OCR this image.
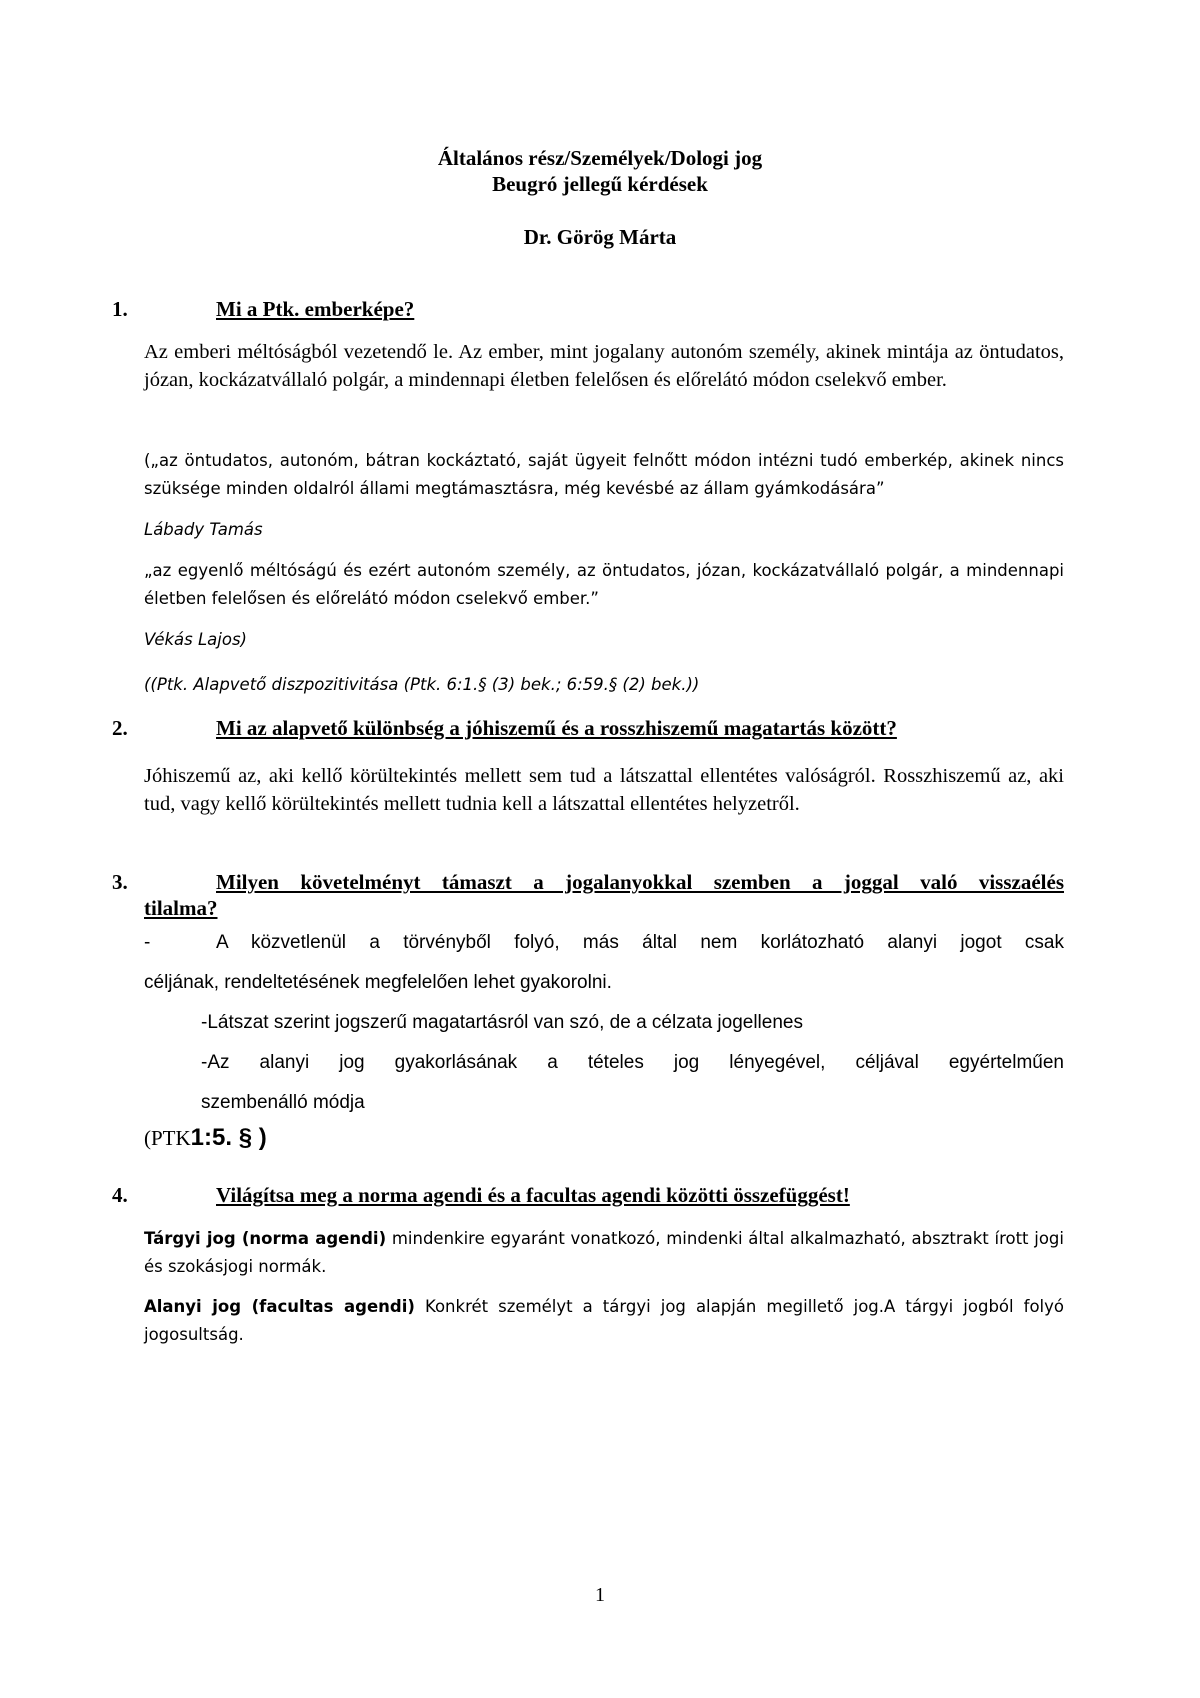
Általános rész/Személyek/Dologi jog
Beugró jellegű kérdések
Dr. Görög Márta
1.	Mi a Ptk. emberképe?
Az emberi méltóságból vezetendő le. Az ember, mint jogalany autonóm személy, akinek mintája az öntudatos, józan, kockázatvállaló polgár, a mindennapi életben felelősen és előrelátó módon cselekvő ember.
(„az öntudatos, autonóm, bátran kockáztató, saját ügyeit felnőtt módon intézni tudó emberkép, akinek nincs szüksége minden oldalról állami megtámasztásra, még kevésbé az állam gyámkodására”
Lábady Tamás
„az egyenlő méltóságú és ezért autonóm személy, az öntudatos, józan, kockázatvállaló polgár, a mindennapi életben felelősen és előrelátó módon cselekvő ember.”
Vékás Lajos)
((Ptk. Alapvető diszpozitivitása (Ptk. 6:1.§ (3) bek.; 6:59.§ (2) bek.))
2.	Mi az alapvető különbség a jóhiszemű és a rosszhiszemű magatartás között?
Jóhiszemű az, aki kellő körültekintés mellett sem tud a látszattal ellentétes valóságról. Rosszhiszemű az, aki tud, vagy kellő körültekintés mellett tudnia kell a látszattal ellentétes helyzetről.
3.	Milyen követelményt támaszt a jogalanyokkal szemben a joggal való visszaélés
tilalma?
-	A közvetlenül a törvényből folyó, más által nem korlátozható alanyi jogot csak
céljának, rendeltetésének megfelelően lehet gyakorolni.
-Látszat szerint jogszerű magatartásról van szó, de a célzata jogellenes
-Az alanyi jog gyakorlásának a tételes jog lényegével, céljával egyértelműen
szembenálló módja
(PTK1:5. § )
4.	Világítsa meg a norma agendi és a facultas agendi közötti összefüggést!
Tárgyi jog (norma agendi) mindenkire egyaránt vonatkozó, mindenki által alkalmazható, absztrakt írott jogi és szokásjogi normák.
Alanyi jog (facultas agendi) Konkrét személyt a tárgyi jog alapján megillető jog.A tárgyi jogból folyó jogosultság.
1
